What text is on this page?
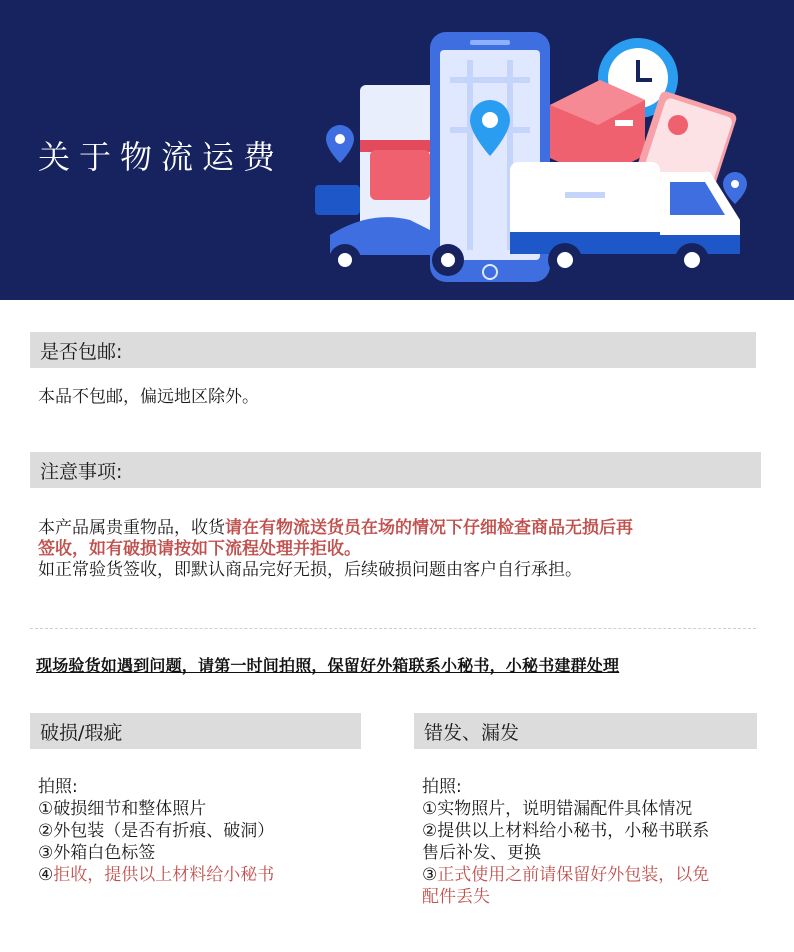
关于物流运费
是否包邮:
本品不包邮，偏远地区除外。
注意事项:
本产品属贵重物品，收货请在有物流送货员在场的情况下仔细检查商品无损后再
签收，如有破损请按如下流程处理并拒收。
如正常验货签收，即默认商品完好无损，后续破损问题由客户自行承担。
现场验货如遇到问题，请第一时间拍照，保留好外箱联系小秘书，小秘书建群处理
破损/瑕疵
拍照:
①破损细节和整体照片
②外包装（是否有折痕、破洞）
③外箱白色标签
④拒收，提供以上材料给小秘书
错发、漏发
拍照:
①实物照片，说明错漏配件具体情况
②提供以上材料给小秘书，小秘书联系
售后补发、更换
③正式使用之前请保留好外包装，以免
配件丢失
